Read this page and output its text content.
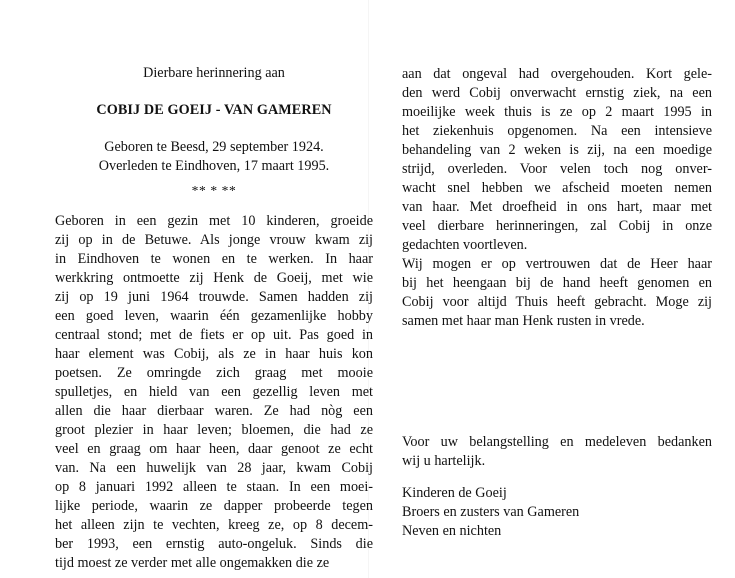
Dierbare herinnering aan
COBIJ DE GOEIJ - VAN GAMEREN
Geboren te Beesd, 29 september 1924.
Overleden te Eindhoven, 17 maart 1995.
** * **
Geboren in een gezin met 10 kinderen, groeide
zij op in de Betuwe. Als jonge vrouw kwam zij
in Eindhoven te wonen en te werken. In haar
werkkring ontmoette zij Henk de Goeij, met wie
zij op 19 juni 1964 trouwde. Samen hadden zij
een goed leven, waarin één gezamenlijke hobby
centraal stond; met de fiets er op uit. Pas goed in
haar element was Cobij, als ze in haar huis kon
poetsen. Ze omringde zich graag met mooie
spulletjes, en hield van een gezellig leven met
allen die haar dierbaar waren. Ze had nòg een
groot plezier in haar leven; bloemen, die had ze
veel en graag om haar heen, daar genoot ze echt
van. Na een huwelijk van 28 jaar, kwam Cobij
op 8 januari 1992 alleen te staan. In een moei-
lijke periode, waarin ze dapper probeerde tegen
het alleen zijn te vechten, kreeg ze, op 8 decem-
ber 1993, een ernstig auto-ongeluk. Sinds die
tijd moest ze verder met alle ongemakken die ze
aan dat ongeval had overgehouden. Kort gele-
den werd Cobij onverwacht ernstig ziek, na een
moeilijke week thuis is ze op 2 maart 1995 in
het ziekenhuis opgenomen. Na een intensieve
behandeling van 2 weken is zij, na een moedige
strijd, overleden. Voor velen toch nog onver-
wacht snel hebben we afscheid moeten nemen
van haar. Met droefheid in ons hart, maar met
veel dierbare herinneringen, zal Cobij in onze
gedachten voortleven.
Wij mogen er op vertrouwen dat de Heer haar
bij het heengaan bij de hand heeft genomen en
Cobij voor altijd Thuis heeft gebracht. Moge zij
samen met haar man Henk rusten in vrede.
Voor uw belangstelling en medeleven bedanken
wij u hartelijk.
Kinderen de Goeij
Broers en zusters van Gameren
Neven en nichten
